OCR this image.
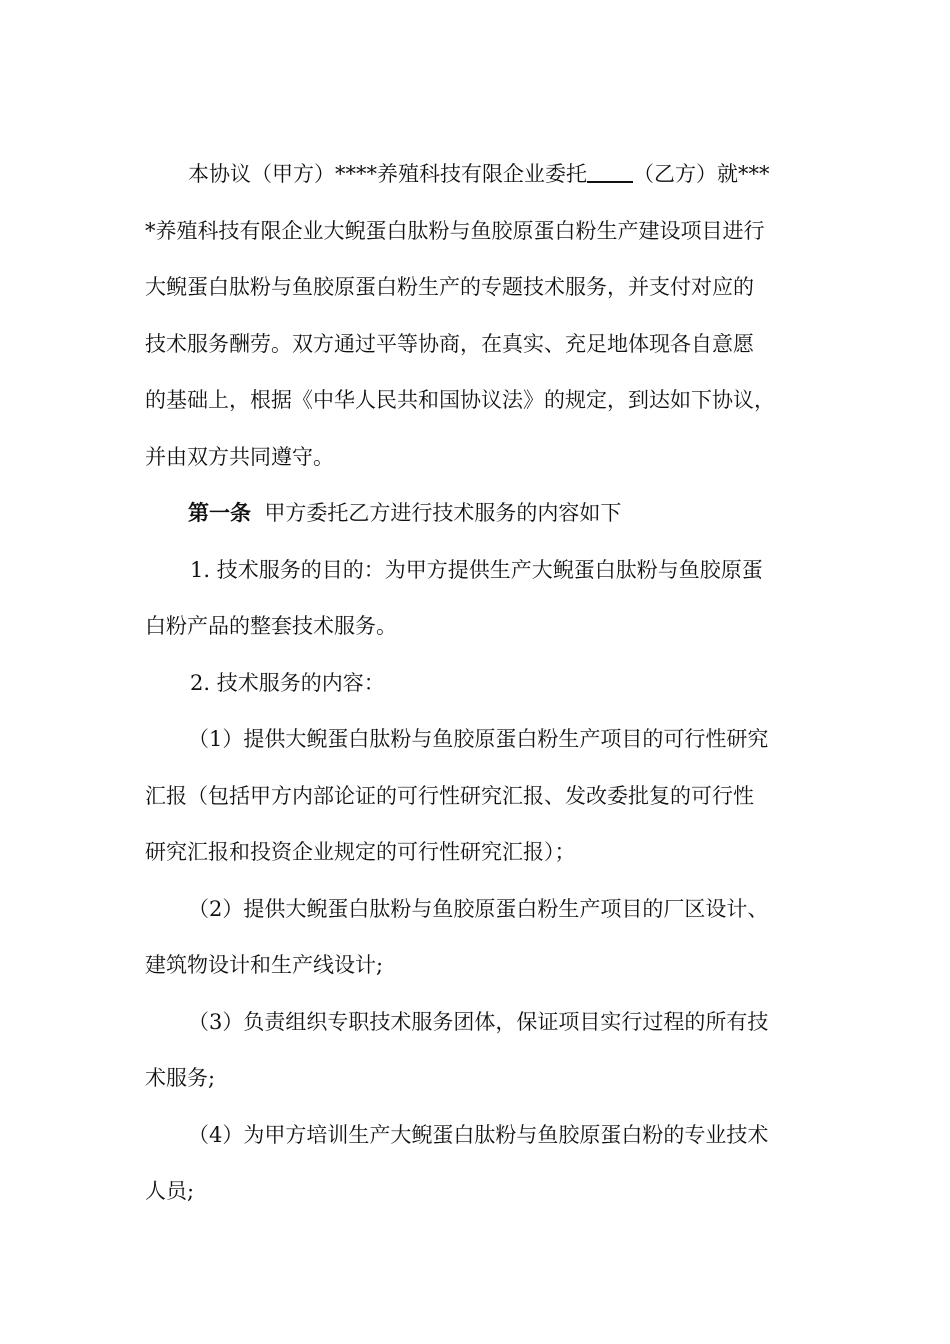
本协议（甲方）****养殖科技有限企业委托 （乙方）就***
*养殖科技有限企业大鲵蛋白肽粉与鱼胶原蛋白粉生产建设项目进行
大鲵蛋白肽粉与鱼胶原蛋白粉生产的专题技术服务，并支付对应的
技术服务酬劳。双方通过平等协商，在真实、充足地体现各自意愿
的基础上，根据《中华人民共和国协议法》的规定，到达如下协议，
并由双方共同遵守。
第一条 甲方委托乙方进行技术服务的内容如下
1. 技术服务的目的：为甲方提供生产大鲵蛋白肽粉与鱼胶原蛋
白粉产品的整套技术服务。
2. 技术服务的内容：
（1）提供大鲵蛋白肽粉与鱼胶原蛋白粉生产项目的可行性研究
汇报（包括甲方内部论证的可行性研究汇报、发改委批复的可行性
研究汇报和投资企业规定的可行性研究汇报）；
（2）提供大鲵蛋白肽粉与鱼胶原蛋白粉生产项目的厂区设计、
建筑物设计和生产线设计;
（3）负责组织专职技术服务团体，保证项目实行过程的所有技
术服务;
（4）为甲方培训生产大鲵蛋白肽粉与鱼胶原蛋白粉的专业技术
人员;
